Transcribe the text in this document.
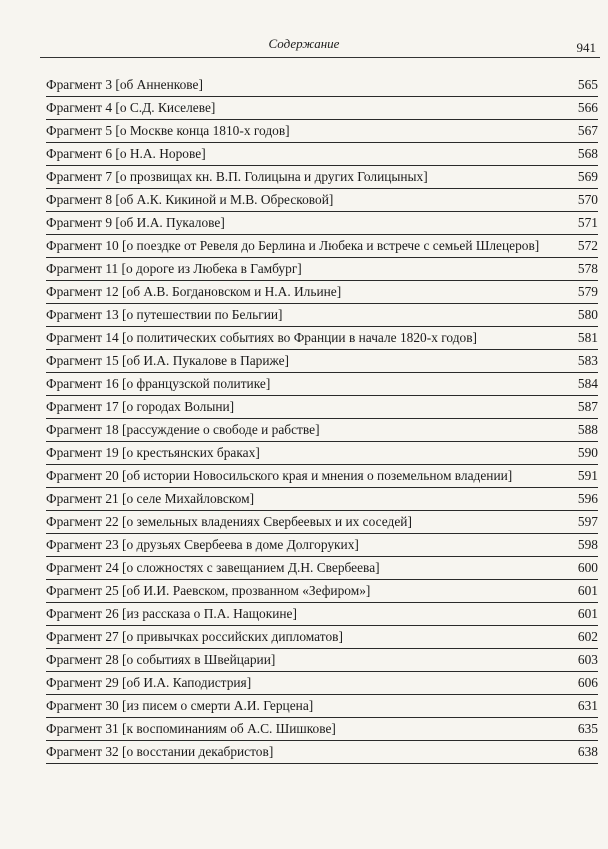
Содержание	941
Фрагмент 3 [об Анненкове]	565
Фрагмент 4 [о С.Д. Киселеве]	566
Фрагмент 5 [о Москве конца 1810-х годов]	567
Фрагмент 6 [о Н.А. Норове]	568
Фрагмент 7 [о прозвищах кн. В.П. Голицына и других Голицыных]	569
Фрагмент 8 [об А.К. Кикиной и М.В. Обресковой]	570
Фрагмент 9 [об И.А. Пукалове]	571
Фрагмент 10 [о поездке от Ревеля до Берлина и Любека и встрече с семьей Шлецеров]	572
Фрагмент 11 [о дороге из Любека в Гамбург]	578
Фрагмент 12 [об А.В. Богдановском и Н.А. Ильине]	579
Фрагмент 13 [о путешествии по Бельгии]	580
Фрагмент 14 [о политических событиях во Франции в начале 1820-х годов]	581
Фрагмент 15 [об И.А. Пукалове в Париже]	583
Фрагмент 16 [о французской политике]	584
Фрагмент 17 [о городах Волыни]	587
Фрагмент 18 [рассуждение о свободе и рабстве]	588
Фрагмент 19 [о крестьянских браках]	590
Фрагмент 20 [об истории Новосильского края и мнения о поземельном владении]	591
Фрагмент 21 [о селе Михайловском]	596
Фрагмент 22 [о земельных владениях Свербеевых и их соседей]	597
Фрагмент 23 [о друзьях Свербеева в доме Долгоруких]	598
Фрагмент 24 [о сложностях с завещанием Д.Н. Свербеева]	600
Фрагмент 25 [об И.И. Раевском, прозванном «Зефиром»]	601
Фрагмент 26 [из рассказа о П.А. Нащокине]	601
Фрагмент 27 [о привычках российских дипломатов]	602
Фрагмент 28 [о событиях в Швейцарии]	603
Фрагмент 29 [об И.А. Каподистрия]	606
Фрагмент 30 [из писем о смерти А.И. Герцена]	631
Фрагмент 31 [к воспоминаниям об А.С. Шишкове]	635
Фрагмент 32 [о восстании декабристов]	638
